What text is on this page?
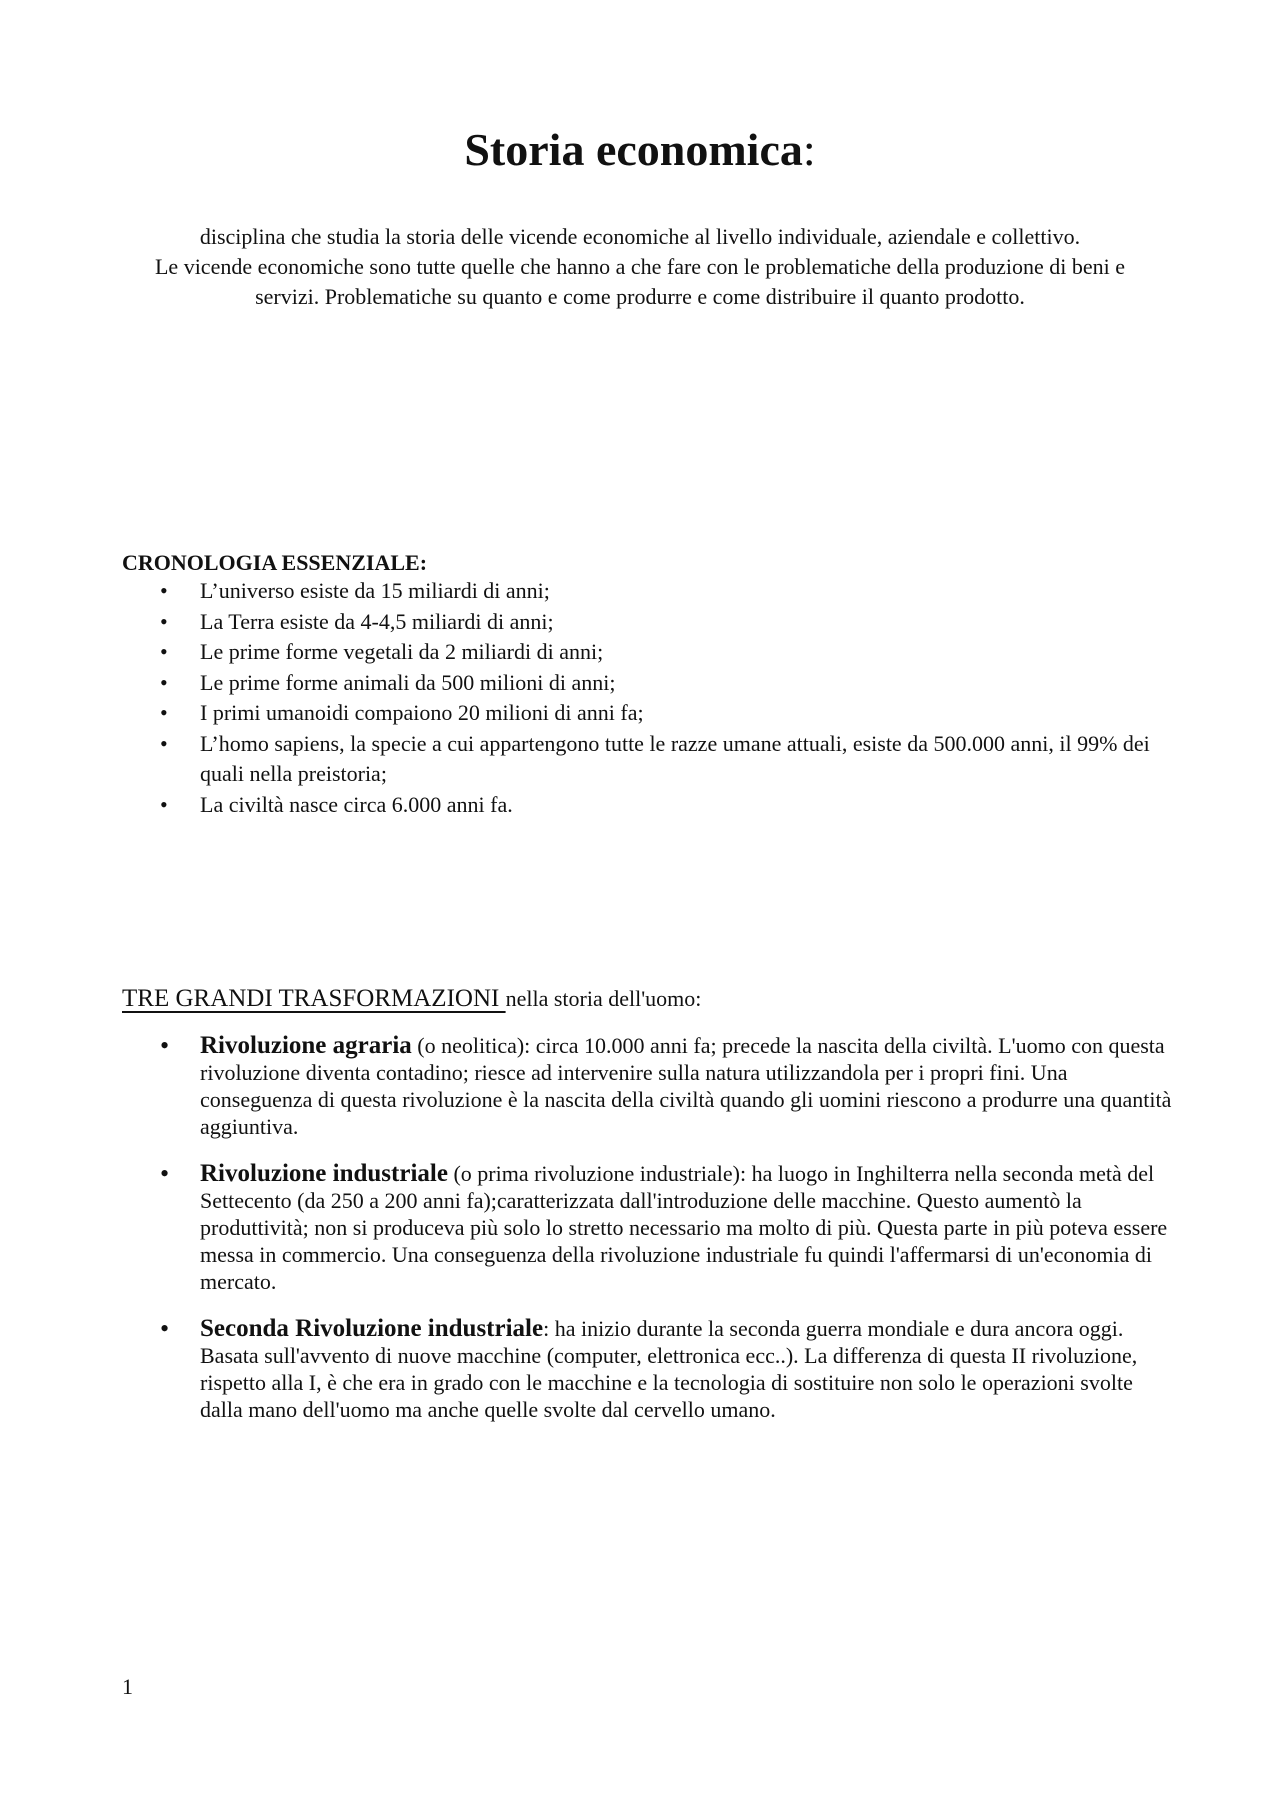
Storia economica:

disciplina che studia la storia delle vicende economiche al livello individuale, aziendale e collettivo.

Le vicende economiche sono tutte quelle che hanno a che fare con le problematiche della produzione di beni e servizi. Problematiche su quanto e come produrre e come distribuire il quanto prodotto.

CRONOLOGIA ESSENZIALE:
• L’universo esiste da 15 miliardi di anni;
• La Terra esiste da 4-4,5 miliardi di anni;
• Le prime forme vegetali da 2 miliardi di anni;
• Le prime forme animali da 500 milioni di anni;
• I primi umanoidi compaiono 20 milioni di anni fa;
• L’homo sapiens, la specie a cui appartengono tutte le razze umane attuali, esiste da 500.000 anni, il 99% dei quali nella preistoria;
• La civiltà nasce circa 6.000 anni fa.
TRE GRANDI TRASFORMAZIONI nella storia dell'uomo:
• Rivoluzione agraria (o neolitica): circa 10.000 anni fa; precede la nascita della civiltà. L'uomo con questa rivoluzione diventa contadino; riesce ad intervenire sulla natura utilizzandola per i propri fini. Una conseguenza di questa rivoluzione è la nascita della civiltà quando gli uomini riescono a produrre una quantità aggiuntiva.
• Rivoluzione industriale (o prima rivoluzione industriale): ha luogo in Inghilterra nella seconda metà del Settecento (da 250 a 200 anni fa);caratterizzata dall'introduzione delle macchine. Questo aumentò la produttività; non si produceva più solo lo stretto necessario ma molto di più. Questa parte in più poteva essere messa in commercio. Una conseguenza della rivoluzione industriale fu quindi l'affermarsi di un'economia di mercato.
• Seconda Rivoluzione industriale: ha inizio durante la seconda guerra mondiale e dura ancora oggi. Basata sull'avvento di nuove macchine (computer, elettronica ecc..). La differenza di questa II rivoluzione, rispetto alla I, è che era in grado con le macchine e la tecnologia di sostituire non solo le operazioni svolte dalla mano dell'uomo ma anche quelle svolte dal cervello umano.
1
